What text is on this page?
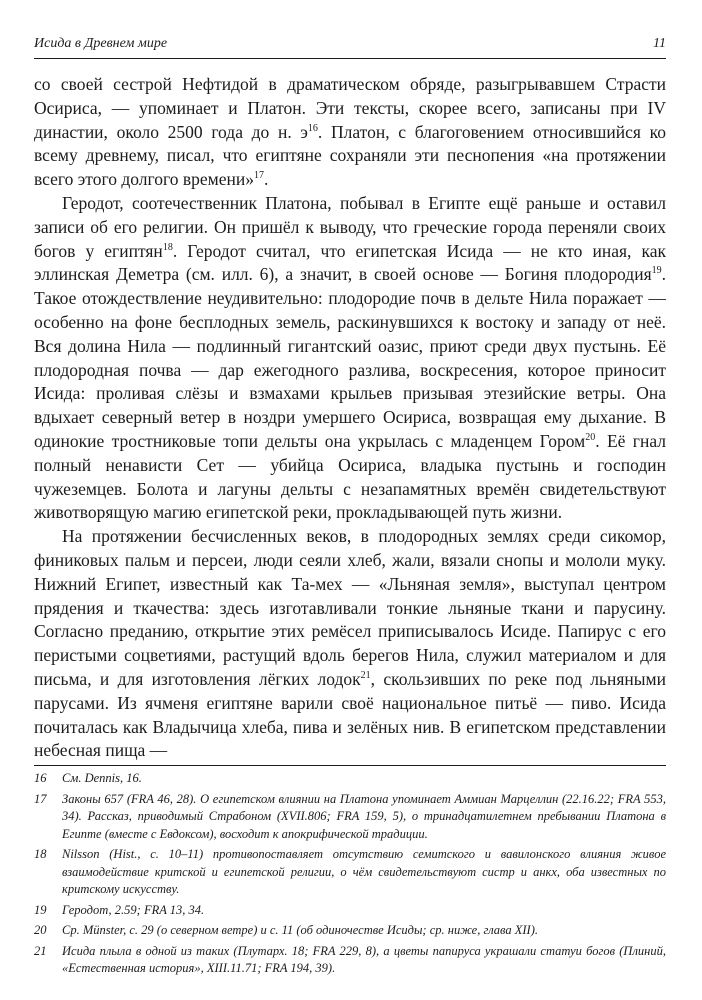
Исида в Древнем мире	11

со своей сестрой Нефтидой в драматическом обряде, разыгрывавшем Страсти Осириса, — упоминает и Платон. Эти тексты, скорее всего, записаны при IV династии, около 2500 года до н. $э^{16}$. Платон, с благоговением относившийся ко всему древнему, писал, что египтяне сохраняли эти песнопения «на протяжении всего этого долгого времени»$^{17}$.

Геродот, соотечественник Платона, побывал в Египте ещё раньше и оставил записи об его религии. Он пришёл к выводу, что греческие города переняли своих богов у египтян$^{18}$. Геродот считал, что египетская Исида — не кто иная, как эллинская Деметра (см. илл. 6), а значит, в своей основе — Богиня плодородия$^{19}$. Такое отождествление неудивительно: плодородие почв в дельте Нила поражает — особенно на фоне бесплодных земель, раскинувшихся к востоку и западу от неё. Вся долина Нила — подлинный гигантский оазис, приют среди двух пустынь. Её плодородная почва — дар ежегодного разлива, воскресения, которое приносит Исида: проливая слёзы и взмахами крыльев призывая этезийские ветры. Она вдыхает северный ветер в ноздри умершего Осириса, возвращая ему дыхание. В одинокие тростниковые топи дельты она укрылась с младенцем Гором$^{20}$. Её гнал полный ненависти Сет — убийца Осириса, владыка пустынь и господин чужеземцев. Болота и лагуны дельты с незапамятных времён свидетельствуют животворящую магию египетской реки, прокладывающей путь жизни.

На протяжении бесчисленных веков, в плодородных землях среди сикомор, финиковых пальм и персеи, люди сеяли хлеб, жали, вязали снопы и мололи муку. Нижний Египет, известный как Та-мех — «Льняная земля», выступал центром прядения и ткачества: здесь изготавливали тонкие льняные ткани и парусину. Согласно преданию, открытие этих ремёсел приписывалось Исиде. Папирус с его перистыми соцветиями, растущий вдоль берегов Нила, служил материалом и для письма, и для изготовления лёгких лодок$^{21}$, скользивших по реке под льняными парусами. Из ячменя египтяне варили своё национальное питьё — пиво. Исида почиталась как Владычица хлеба, пива и зелёных нив. В египетском представлении небесная пища —

16	См. Dennis, 16.
17	Законы 657 (FRA 46, 28). О египетском влиянии на Платона упоминает Аммиан Марцеллин (22.16.22; FRA 553, 34). Рассказ, приводимый Страбоном (XVII.806; FRA 159, 5), о тринадцатилетнем пребывании Платона в Египте (вместе с Евдоксом), восходит к апокрифической традиции.
18	Nilsson (Hist., с. 10–11) противопоставляет отсутствию семитского и вавилонского влияния живое взаимодействие критской и египетской религии, о чём свидетельствуют систр и анкх, оба известных по критскому искусству.
19	Геродот, 2.59; FRA 13, 34.
20	Ср. Münster, с. 29 (о северном ветре) и с. 11 (об одиночестве Исиды; ср. ниже, глава XII).
21	Исида плыла в одной из таких (Плутарх. 18; FRA 229, 8), а цветы папируса украшали статуи богов (Плиний, «Естественная история», XIII.11.71; FRA 194, 39).
